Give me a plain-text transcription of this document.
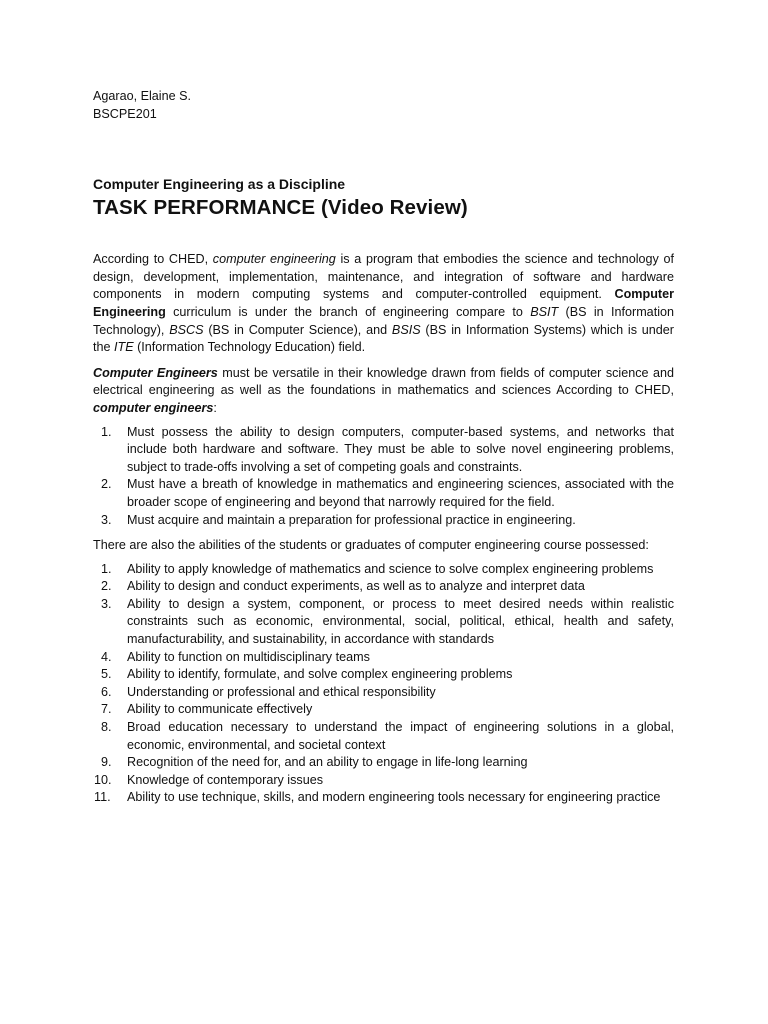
Agarao, Elaine S.

BSCPE201

Computer Engineering as a Discipline

TASK PERFORMANCE (Video Review)

According to CHED, computer engineering is a program that embodies the science and technology of design, development, implementation, maintenance, and integration of software and hardware components in modern computing systems and computer-controlled equipment. Computer Engineering curriculum is under the branch of engineering compare to BSIT (BS in Information Technology), BSCS (BS in Computer Science), and BSIS (BS in Information Systems) which is under the ITE (Information Technology Education) field.

Computer Engineers must be versatile in their knowledge drawn from fields of computer science and electrical engineering as well as the foundations in mathematics and sciences According to CHED, computer engineers:

1. Must possess the ability to design computers, computer-based systems, and networks that include both hardware and software. They must be able to solve novel engineering problems, subject to trade-offs involving a set of competing goals and constraints.
2. Must have a breath of knowledge in mathematics and engineering sciences, associated with the broader scope of engineering and beyond that narrowly required for the field.
3. Must acquire and maintain a preparation for professional practice in engineering.

There are also the abilities of the students or graduates of computer engineering course possessed:

1. Ability to apply knowledge of mathematics and science to solve complex engineering problems
2. Ability to design and conduct experiments, as well as to analyze and interpret data
3. Ability to design a system, component, or process to meet desired needs within realistic constraints such as economic, environmental, social, political, ethical, health and safety, manufacturability, and sustainability, in accordance with standards
4. Ability to function on multidisciplinary teams
5. Ability to identify, formulate, and solve complex engineering problems
6. Understanding or professional and ethical responsibility
7. Ability to communicate effectively
8. Broad education necessary to understand the impact of engineering solutions in a global, economic, environmental, and societal context
9. Recognition of the need for, and an ability to engage in life-long learning
10. Knowledge of contemporary issues
11. Ability to use technique, skills, and modern engineering tools necessary for engineering practice
